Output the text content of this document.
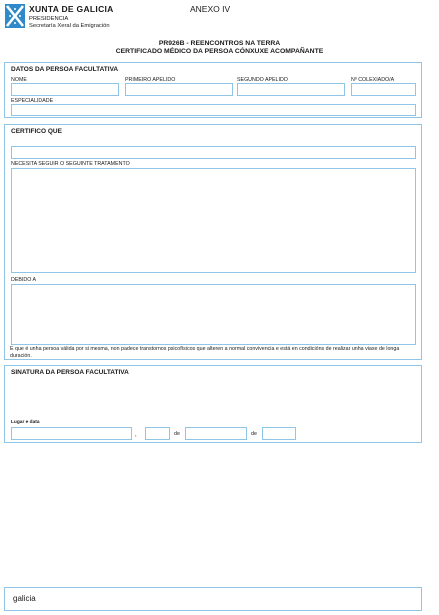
XUNTA DE GALICIA
PRESIDENCIA
Secretaría Xeral da Emigración
ANEXO IV
PR926B - REENCONTROS NA TERRA
CERTIFICADO MÉDICO DA PERSOA CÓNXUXE ACOMPAÑANTE
DATOS DA PERSOA FACULTATIVA
NOME	PRIMEIRO APELIDO	SEGUNDO APELIDO	Nº COLEXIADO/A
ESPECIALIDADE
CERTIFICO QUE
NECESITA SEGUIR O SEGUINTE TRATAMENTO
DEBIDO A
E que é unha persoa válida por si mesma, non padece transtornos psicofísicos que alteren a normal convivencia e está en condicións de realizar unha viaxe de longa duración.
SINATURA DA PERSOA FACULTATIVA
Lugar e data
,	de	de
galicia
